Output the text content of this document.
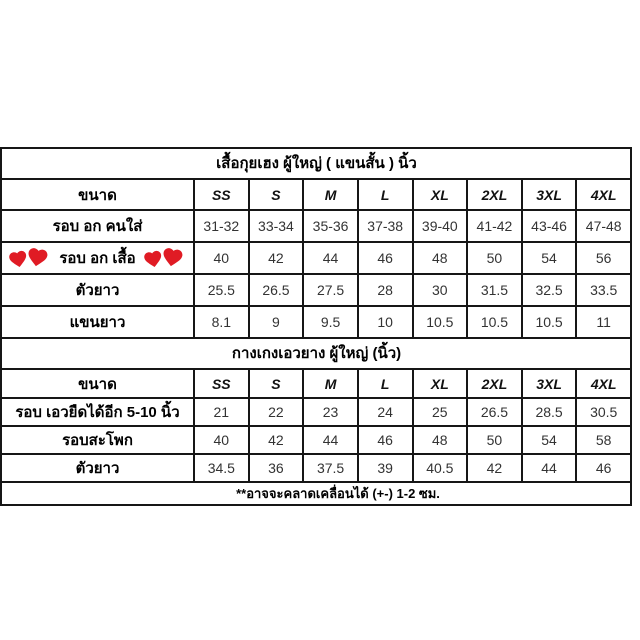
เสื้อกุยเฮง ผู้ใหญ่ ( แขนสั้น ) นิ้ว								
ขนาด	SS	S	M	L	XL	2XL	3XL	4XL
รอบ อก คนใส่	31-32	33-34	35-36	37-38	39-40	41-42	43-46	47-48

รอบ อก เสื้อ	40	42	44	46	48	50	54	56
ตัวยาว	25.5	26.5	27.5	28	30	31.5	32.5	33.5
แขนยาว	8.1	9	9.5	10	10.5	10.5	10.5	11
กางเกงเอวยาง ผู้ใหญ่ (นิ้ว)								
ขนาด	SS	S	M	L	XL	2XL	3XL	4XL
รอบ เอวยืดได้อีก 5-10 นิ้ว	21	22	23	24	25	26.5	28.5	30.5
รอบสะโพก	40	42	44	46	48	50	54	58
ตัวยาว	34.5	36	37.5	39	40.5	42	44	46
**อาจจะคลาดเคลื่อนได้ (+-) 1-2 ซม.								
